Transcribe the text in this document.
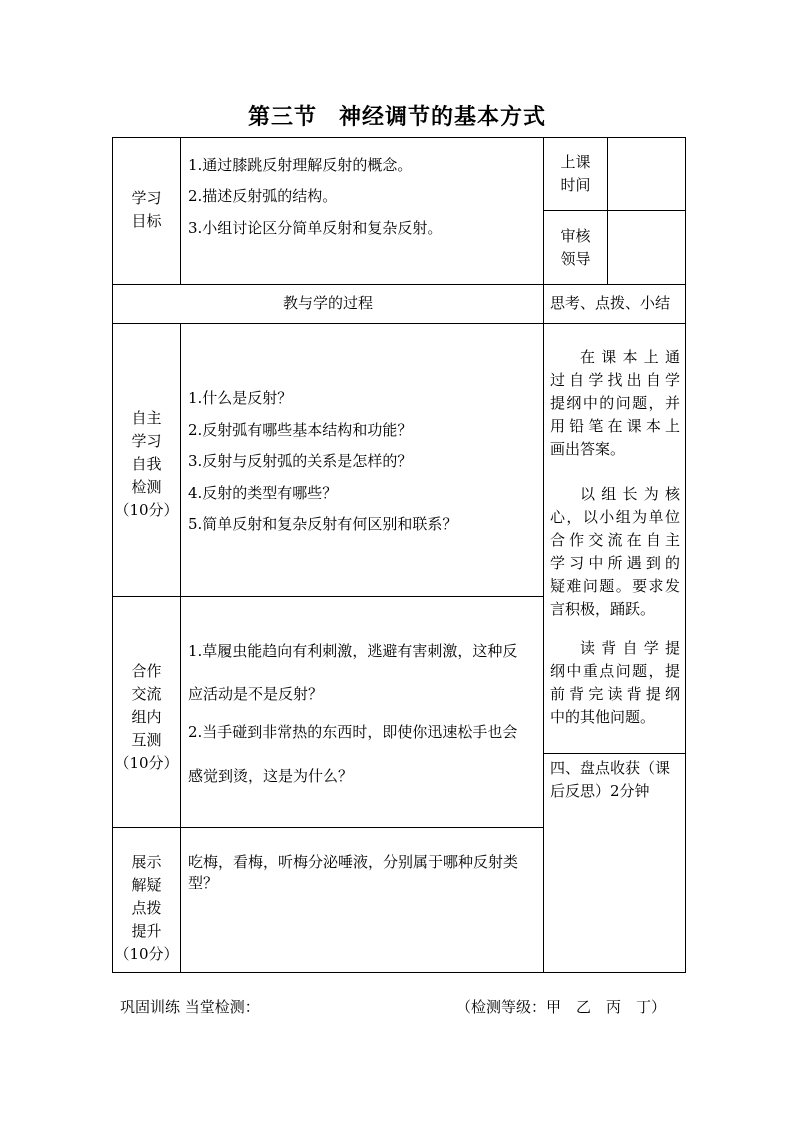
第三节 神经调节的基本方式
学习
目标
1.通过膝跳反射理解反射的概念。
2.描述反射弧的结构。
3.小组讨论区分简单反射和复杂反射。
上课
时间
审核
领导
教与学的过程	思考、点拨、小结
自主
学习
自我
检测
（10分）
1.什么是反射？
2.反射弧有哪些基本结构和功能？
3.反射与反射弧的关系是怎样的？
4.反射的类型有哪些？
5.简单反射和复杂反射有何区别和联系？
合作
交流
组内
互测
（10分）
1.草履虫能趋向有利刺激，逃避有害刺激，这种反
应活动是不是反射？
2.当手碰到非常热的东西时，即使你迅速松手也会
感觉到烫，这是为什么？
展示
解疑
点拨
提升
（10分）
吃梅，看梅，听梅分泌唾液，分别属于哪种反射类
型？
在课本上通
过自学找出自学
提纲中的问题，并
用铅笔在课本上
画出答案。
以组长为核
心，以小组为单位
合作交流在自主
学习中所遇到的
疑难问题。要求发
言积极，踊跃。
读背自学提
纲中重点问题，提
前背完读背提纲
中的其他问题。
四、盘点收获（课
后反思）2分钟
巩固训练 当堂检测：	（检测等级：甲　乙　丙　丁）
